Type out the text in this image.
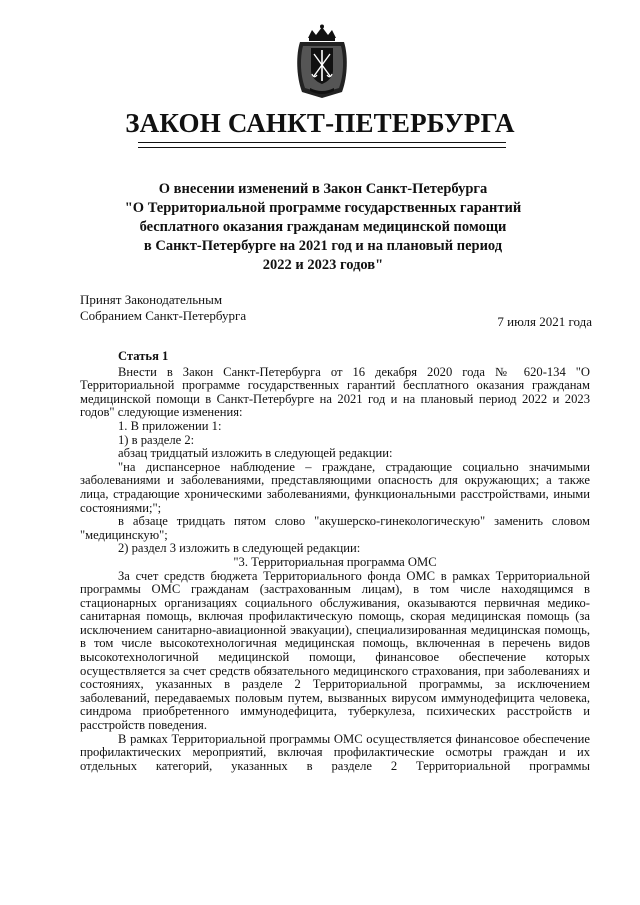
ЗАКОН САНКТ-ПЕТЕРБУРГА
О внесении изменений в Закон Санкт-Петербурга
"О Территориальной программе государственных гарантий
бесплатного оказания гражданам медицинской помощи
в Санкт-Петербурге на 2021 год и на плановый период
2022 и 2023 годов"
Принят Законодательным
Собранием Санкт-Петербурга	7 июля 2021 года
Статья 1

Внести в Закон Санкт-Петербурга от 16 декабря 2020 года № 620-134 "О Территориальной программе государственных гарантий бесплатного оказания гражданам медицинской помощи в Санкт-Петербурге на 2021 год и на плановый период 2022 и 2023 годов" следующие изменения:

1. В приложении 1:

1) в разделе 2:

абзац тридцатый изложить в следующей редакции:

"на диспансерное наблюдение – граждане, страдающие социально значимыми заболеваниями и заболеваниями, представляющими опасность для окружающих; а также лица, страдающие хроническими заболеваниями, функциональными расстройствами, иными состояниями;";

в абзаце тридцать пятом слово "акушерско-гинекологическую" заменить словом "медицинскую";

2) раздел 3 изложить в следующей редакции:

"3. Территориальная программа ОМС

За счет средств бюджета Территориального фонда ОМС в рамках Территориальной программы ОМС гражданам (застрахованным лицам), в том числе находящимся в стационарных организациях социального обслуживания, оказываются первичная медико-санитарная помощь, включая профилактическую помощь, скорая медицинская помощь (за исключением санитарно-авиационной эвакуации), специализированная медицинская помощь, в том числе высокотехнологичная медицинская помощь, включенная в перечень видов высокотехнологичной медицинской помощи, финансовое обеспечение которых осуществляется за счет средств обязательного медицинского страхования, при заболеваниях и состояниях, указанных в разделе 2 Территориальной программы, за исключением заболеваний, передаваемых половым путем, вызванных вирусом иммунодефицита человека, синдрома приобретенного иммунодефицита, туберкулеза, психических расстройств и расстройств поведения.

В рамках Территориальной программы ОМС осуществляется финансовое обеспечение профилактических мероприятий, включая профилактические осмотры граждан и их отдельных категорий, указанных в разделе 2 Территориальной программы
